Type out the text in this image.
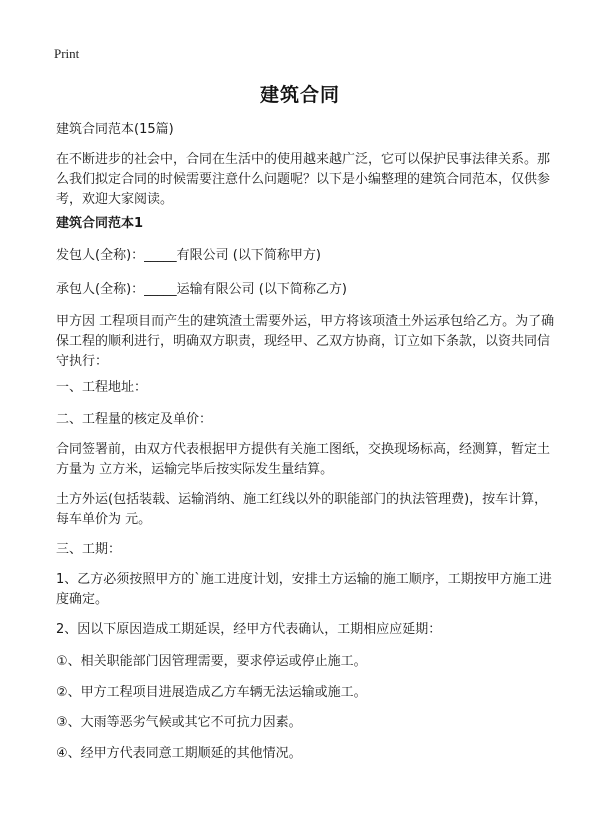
Print
建筑合同
建筑合同范本(15篇)
在不断进步的社会中，合同在生活中的使用越来越广泛，它可以保护民事法律关系。那么我们拟定合同的时候需要注意什么问题呢？以下是小编整理的建筑合同范本，仅供参考，欢迎大家阅读。
建筑合同范本1
发包人(全称)：_____有限公司 (以下简称甲方)
承包人(全称)：_____运输有限公司 (以下简称乙方)
甲方因 工程项目而产生的建筑渣土需要外运，甲方将该项渣土外运承包给乙方。为了确保工程的顺利进行，明确双方职责，现经甲、乙双方协商，订立如下条款，以资共同信守执行：
一、工程地址：
二、工程量的核定及单价：
合同签署前，由双方代表根据甲方提供有关施工图纸，交换现场标高，经测算，暂定土方量为 立方米，运输完毕后按实际发生量结算。
土方外运(包括装载、运输消纳、施工红线以外的职能部门的执法管理费)，按车计算，每车单价为 元。
三、工期：
1、乙方必须按照甲方的`施工进度计划，安排土方运输的施工顺序，工期按甲方施工进度确定。
2、因以下原因造成工期延误，经甲方代表确认，工期相应应延期：
①、相关职能部门因管理需要，要求停运或停止施工。
②、甲方工程项目进展造成乙方车辆无法运输或施工。
③、大雨等恶劣气候或其它不可抗力因素。
④、经甲方代表同意工期顺延的其他情况。
